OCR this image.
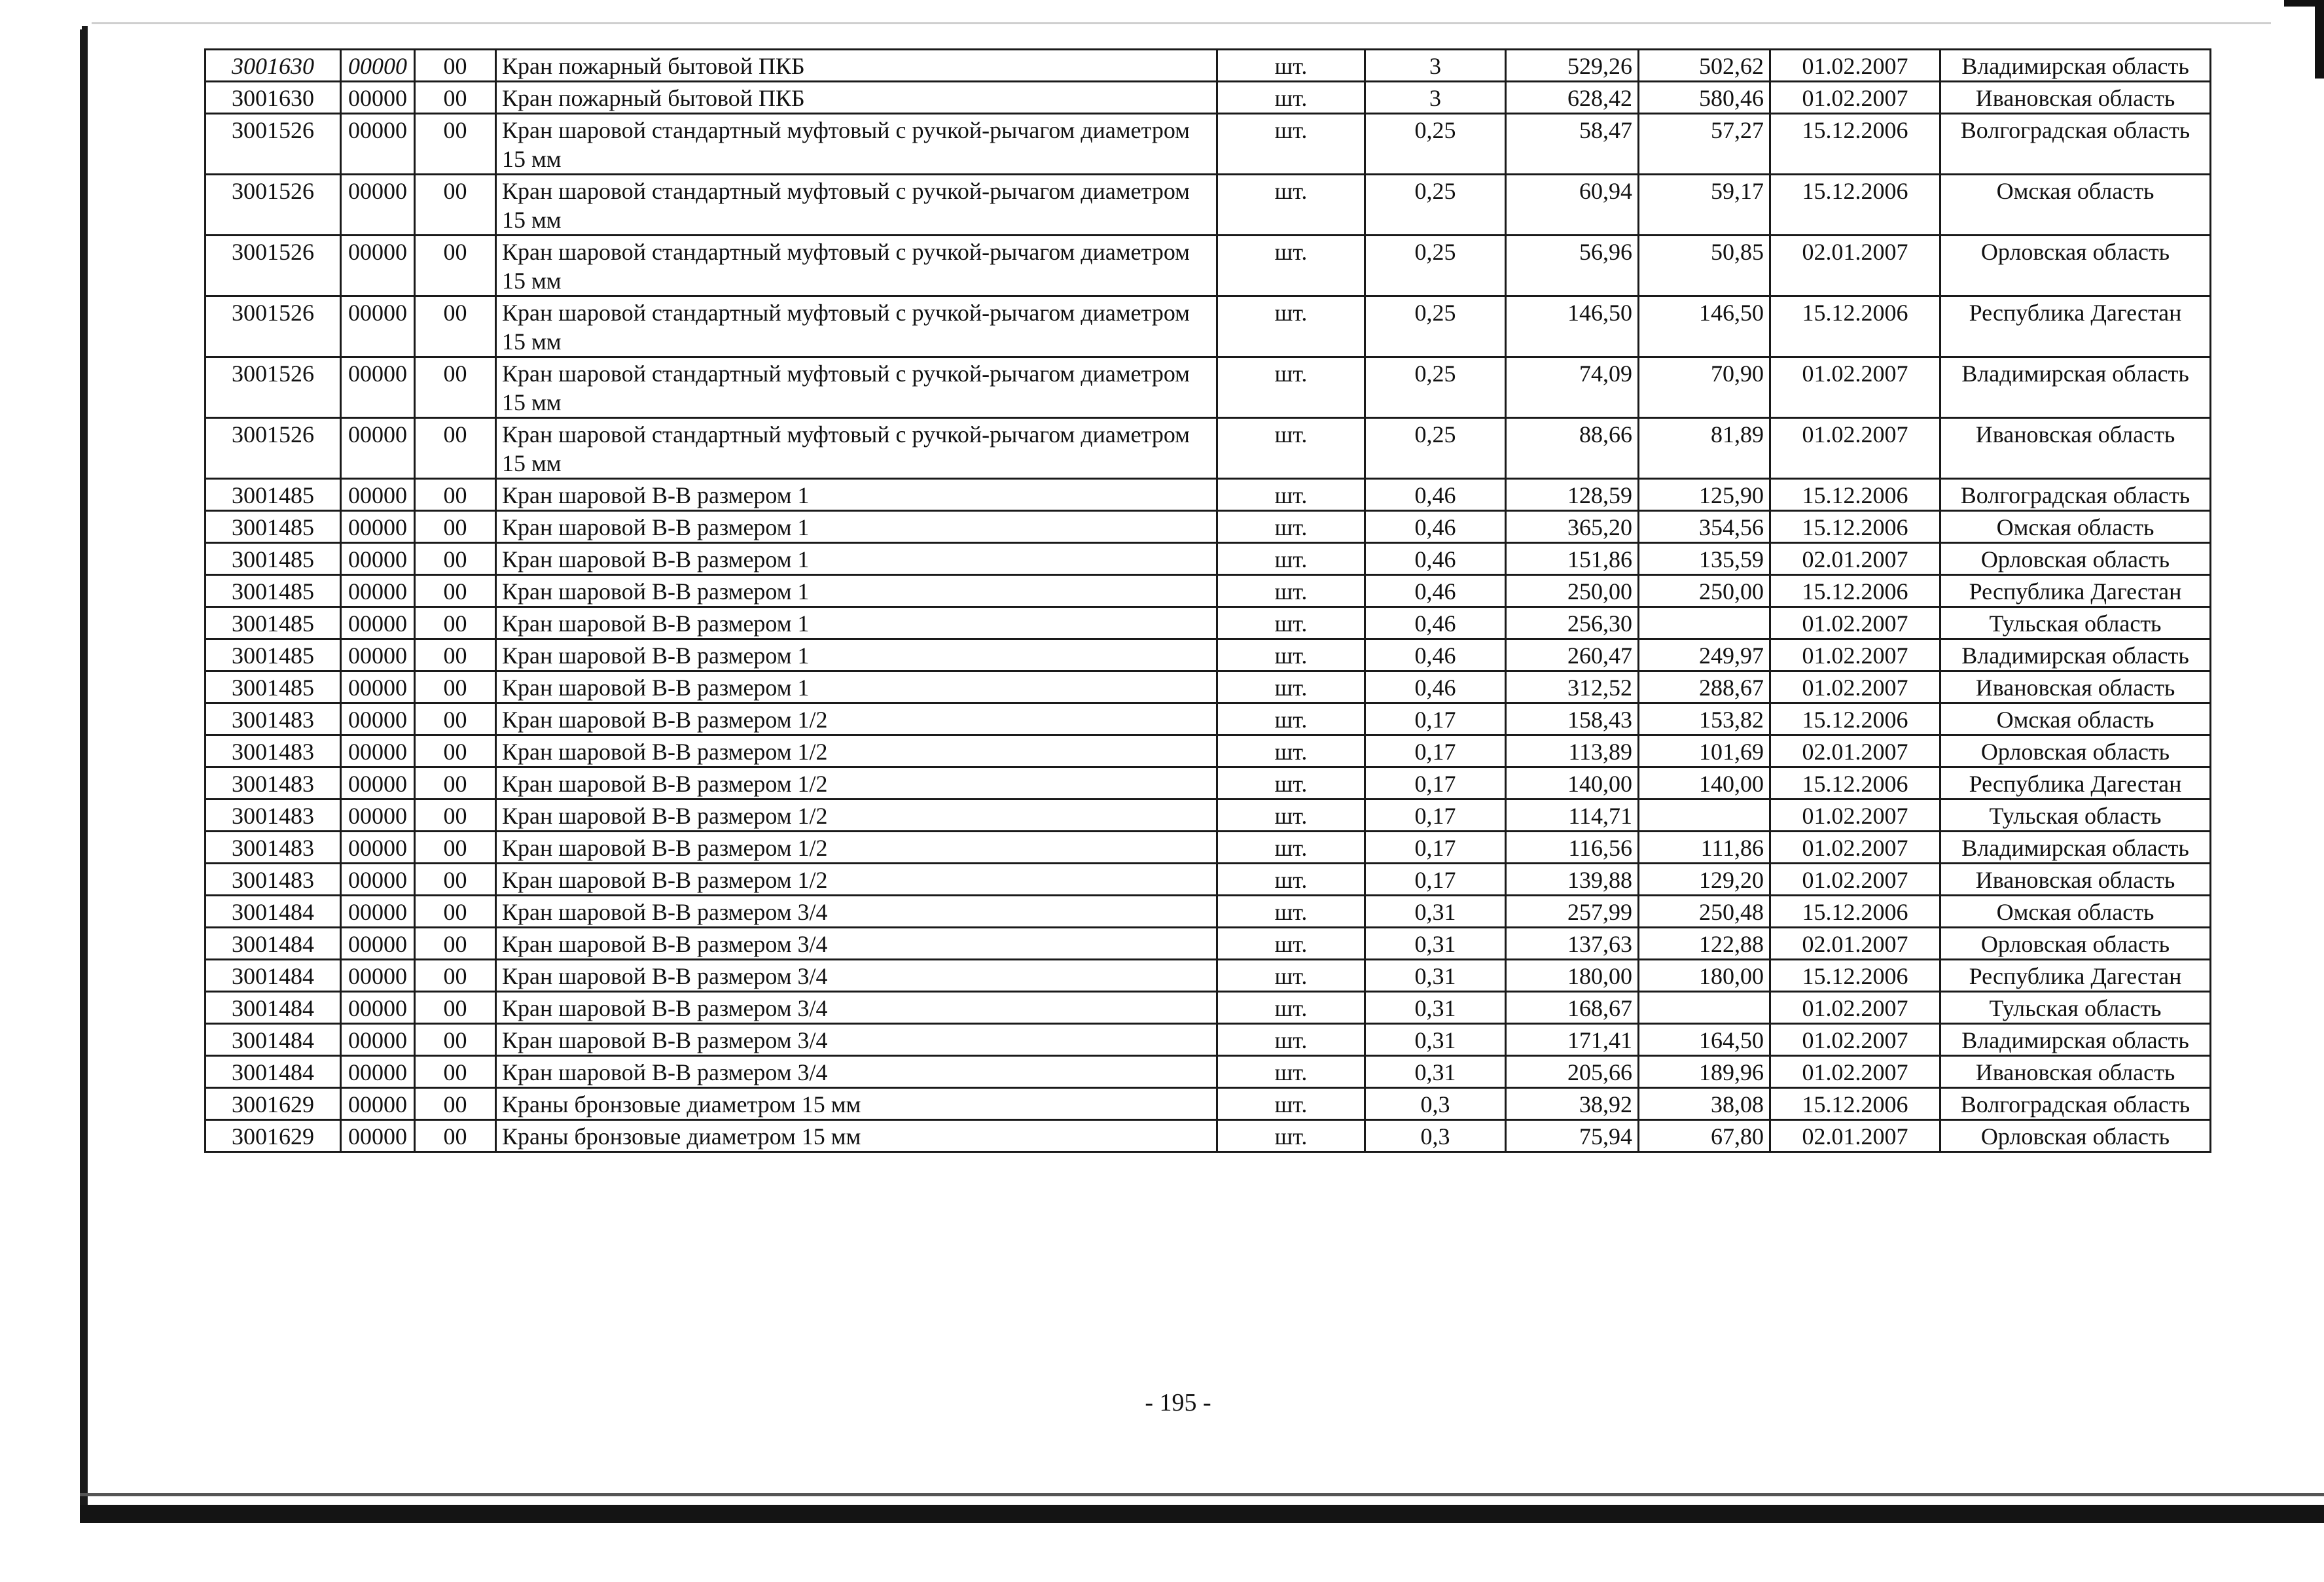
3001630	00000	00	Кран пожарный бытовой ПКБ	шт.	3	529,26	502,62	01.02.2007	Владимирская область
3001630	00000	00	Кран пожарный бытовой ПКБ	шт.	3	628,42	580,46	01.02.2007	Ивановская область
3001526	00000	00	Кран шаровой стандартный муфтовый с ручкой-рычагом диаметром 15 мм	шт.	0,25	58,47	57,27	15.12.2006	Волгоградская область
3001526	00000	00	Кран шаровой стандартный муфтовый с ручкой-рычагом диаметром 15 мм	шт.	0,25	60,94	59,17	15.12.2006	Омская область
3001526	00000	00	Кран шаровой стандартный муфтовый с ручкой-рычагом диаметром 15 мм	шт.	0,25	56,96	50,85	02.01.2007	Орловская область
3001526	00000	00	Кран шаровой стандартный муфтовый с ручкой-рычагом диаметром 15 мм	шт.	0,25	146,50	146,50	15.12.2006	Республика Дагестан
3001526	00000	00	Кран шаровой стандартный муфтовый с ручкой-рычагом диаметром 15 мм	шт.	0,25	74,09	70,90	01.02.2007	Владимирская область
3001526	00000	00	Кран шаровой стандартный муфтовый с ручкой-рычагом диаметром 15 мм	шт.	0,25	88,66	81,89	01.02.2007	Ивановская область
3001485	00000	00	Кран шаровой В-В размером 1	шт.	0,46	128,59	125,90	15.12.2006	Волгоградская область
3001485	00000	00	Кран шаровой В-В размером 1	шт.	0,46	365,20	354,56	15.12.2006	Омская область
3001485	00000	00	Кран шаровой В-В размером 1	шт.	0,46	151,86	135,59	02.01.2007	Орловская область
3001485	00000	00	Кран шаровой В-В размером 1	шт.	0,46	250,00	250,00	15.12.2006	Республика Дагестан
3001485	00000	00	Кран шаровой В-В размером 1	шт.	0,46	256,30		01.02.2007	Тульская область
3001485	00000	00	Кран шаровой В-В размером 1	шт.	0,46	260,47	249,97	01.02.2007	Владимирская область
3001485	00000	00	Кран шаровой В-В размером 1	шт.	0,46	312,52	288,67	01.02.2007	Ивановская область
3001483	00000	00	Кран шаровой В-В размером 1/2	шт.	0,17	158,43	153,82	15.12.2006	Омская область
3001483	00000	00	Кран шаровой В-В размером 1/2	шт.	0,17	113,89	101,69	02.01.2007	Орловская область
3001483	00000	00	Кран шаровой В-В размером 1/2	шт.	0,17	140,00	140,00	15.12.2006	Республика Дагестан
3001483	00000	00	Кран шаровой В-В размером 1/2	шт.	0,17	114,71		01.02.2007	Тульская область
3001483	00000	00	Кран шаровой В-В размером 1/2	шт.	0,17	116,56	111,86	01.02.2007	Владимирская область
3001483	00000	00	Кран шаровой В-В размером 1/2	шт.	0,17	139,88	129,20	01.02.2007	Ивановская область
3001484	00000	00	Кран шаровой В-В размером 3/4	шт.	0,31	257,99	250,48	15.12.2006	Омская область
3001484	00000	00	Кран шаровой В-В размером 3/4	шт.	0,31	137,63	122,88	02.01.2007	Орловская область
3001484	00000	00	Кран шаровой В-В размером 3/4	шт.	0,31	180,00	180,00	15.12.2006	Республика Дагестан
3001484	00000	00	Кран шаровой В-В размером 3/4	шт.	0,31	168,67		01.02.2007	Тульская область
3001484	00000	00	Кран шаровой В-В размером 3/4	шт.	0,31	171,41	164,50	01.02.2007	Владимирская область
3001484	00000	00	Кран шаровой В-В размером 3/4	шт.	0,31	205,66	189,96	01.02.2007	Ивановская область
3001629	00000	00	Краны бронзовые диаметром 15 мм	шт.	0,3	38,92	38,08	15.12.2006	Волгоградская область
3001629	00000	00	Краны бронзовые диаметром 15 мм	шт.	0,3	75,94	67,80	02.01.2007	Орловская область
- 195 -
